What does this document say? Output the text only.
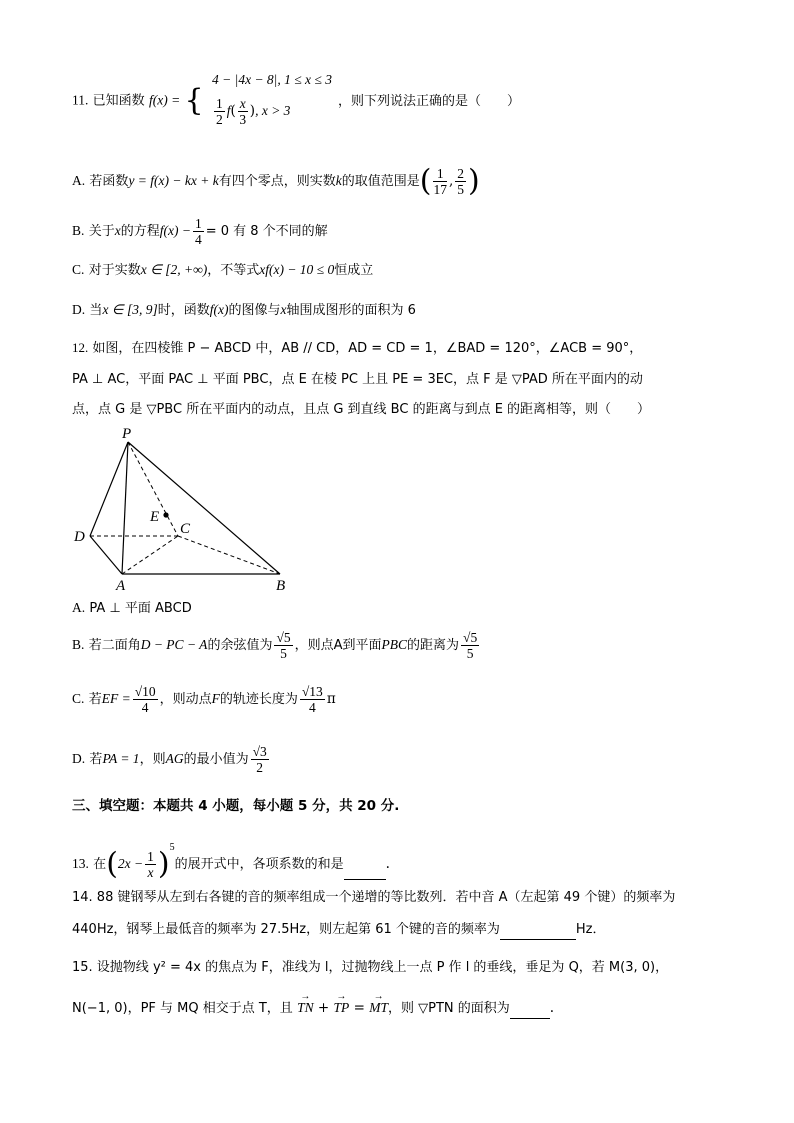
11. 已知函数 f(x) = {
4 − |4x − 8|, 1 ≤ x ≤ 3
$\frac{1}{2} f( \frac{x}{3}$ ), x > 3
，则下列说法正确的是（　　）
A. 若函数y = f(x) − kx + k有四个零点，则实数k的取值范围是( $\frac{1}{17}$ , $\frac{2}{5}$ )
B. 关于x的方程$f(x) - \frac{1}{4} = 0$ 有 8 个不同的解
C. 对于实数x ∈ [2, +∞)，不等式xf(x) − 10 ≤ 0恒成立
D. 当x ∈ [3, 9]时，函数f(x)的图像与x轴围成图形的面积为 6
12. 如图，在四棱锥 P − ABCD 中，AB // CD，AD = CD = 1，∠BAD = 120°，∠ACB = 90°，
PA ⊥ AC，平面 PAC ⊥ 平面 PBC，点 E 在棱 PC 上且 PE = 3EC，点 F 是 ▽PAD 所在平面内的动
点，点 G 是 ▽PBC 所在平面内的动点，且点 G 到直线 BC 的距离与到点 E 的距离相等，则（　　）
P
D
E
C
A	B
A. PA ⊥ 平面 ABCD
B. 若二面角D − PC − A的余弦值为 $\frac{√5}{5}$ ，则点A到平面PBC的距离为 $\frac{√5}{5}$
C. 若EF = $\frac{√10}{4}$ ，则动点F的轨迹长度为 $\frac{√13}{4}$ π
D. 若PA = 1，则AG的最小值为 $\frac{√3}{2}$
三、填空题：本题共 4 小题，每小题 5 分，共 20 分.
13. 在$(2x - \frac{1}{x} )^5$的展开式中，各项系数的和是	.
14. 88 键钢琴从左到右各键的音的频率组成一个递增的等比数列．若中音 A（左起第 49 个键）的频率为
440Hz，钢琴上最低音的频率为 27.5Hz，则左起第 61 个键的音的频率为	Hz．
15. 设抛物线 y² = 4x 的焦点为 F，准线为 l，过抛物线上一点 P 作 l 的垂线，垂足为 Q，若 M(3, 0)，
N(−1, 0)，PF 与 MQ 相交于点 T，且 → TN + → TP = → MT，则 ▽PTN 的面积为	.
